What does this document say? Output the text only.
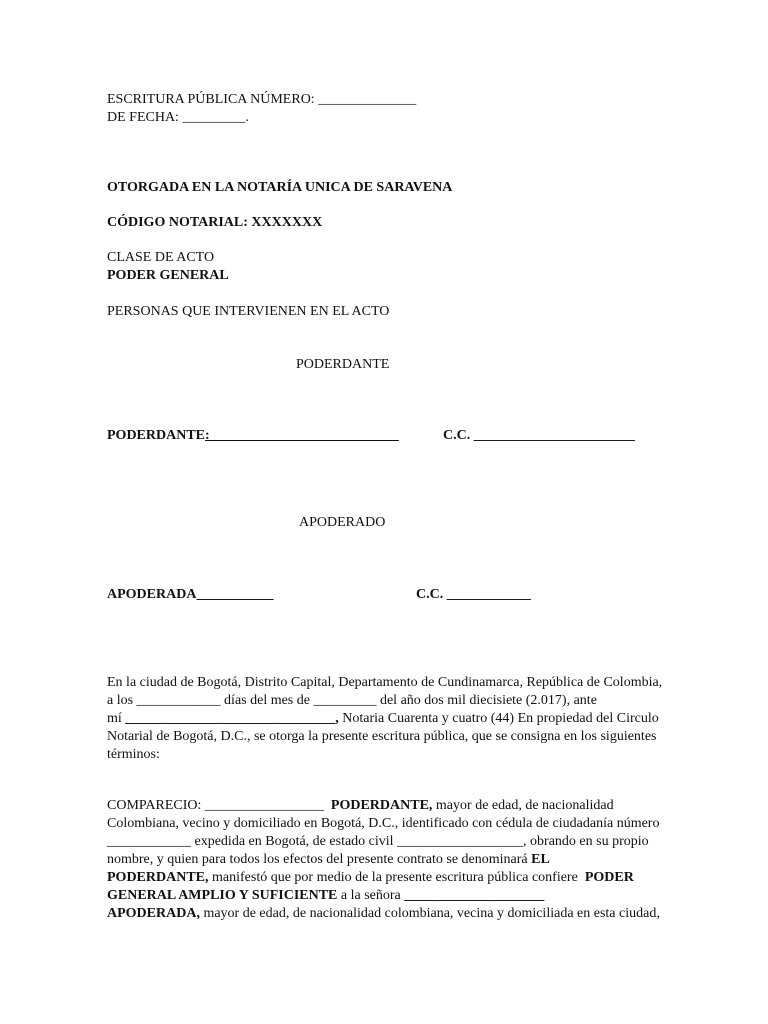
ESCRITURA PÚBLICA NÚMERO: ______________
DE FECHA: _________.
OTORGADA EN LA NOTARÍA UNICA DE SARAVENA
CÓDIGO NOTARIAL: XXXXXXX
CLASE DE ACTO
PODER GENERAL
PERSONAS QUE INTERVIENEN EN EL ACTO
PODERDANTE
PODERDANTE:___________________________	C.C. _______________________
APODERADO
APODERADA___________	C.C. ____________
En la ciudad de Bogotá, Distrito Capital, Departamento de Cundinamarca, República de Colombia,
a los ____________ días del mes de _________ del año dos mil diecisiete (2.017), ante
mí ______________________________, Notaria Cuarenta y cuatro (44) En propiedad del Circulo
Notarial de Bogotá, D.C., se otorga la presente escritura pública, que se consigna en los siguientes
términos:
COMPARECIO: _________________  PODERDANTE, mayor de edad, de nacionalidad
Colombiana, vecino y domiciliado en Bogotá, D.C., identificado con cédula de ciudadanía número
____________ expedida en Bogotá, de estado civil __________________, obrando en su propio
nombre, y quien para todos los efectos del presente contrato se denominará EL
PODERDANTE, manifestó que por medio de la presente escritura pública confiere  PODER
GENERAL AMPLIO Y SUFICIENTE a la señora ____________________
APODERADA, mayor de edad, de nacionalidad colombiana, vecina y domiciliada en esta ciudad,
